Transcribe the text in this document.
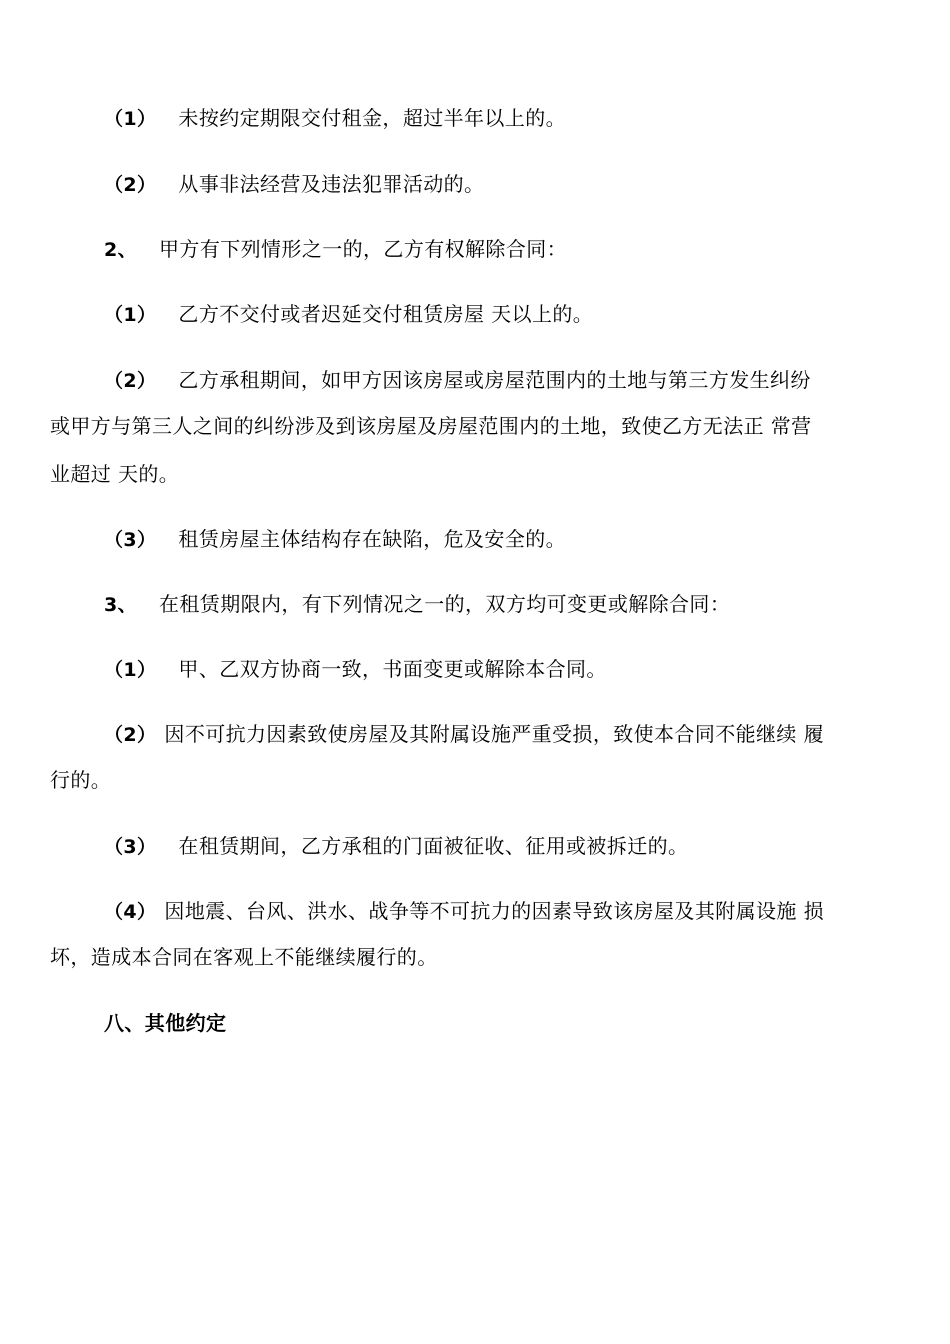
（1） 未按约定期限交付租金，超过半年以上的。
（2） 从事非法经营及违法犯罪活动的。
2、 甲方有下列情形之一的，乙方有权解除合同：
（1） 乙方不交付或者迟延交付租赁房屋 天以上的。
（2） 乙方承租期间，如甲方因该房屋或房屋范围内的土地与第三方发生纠纷
或甲方与第三人之间的纠纷涉及到该房屋及房屋范围内的土地，致使乙方无法正 常营
业超过 天的。
（3） 租赁房屋主体结构存在缺陷，危及安全的。
3、 在租赁期限内，有下列情况之一的，双方均可变更或解除合同：
（1） 甲、乙双方协商一致，书面变更或解除本合同。
（2） 因不可抗力因素致使房屋及其附属设施严重受损，致使本合同不能继续 履
行的。
（3） 在租赁期间，乙方承租的门面被征收、征用或被拆迁的。
（4） 因地震、台风、洪水、战争等不可抗力的因素导致该房屋及其附属设施 损
坏，造成本合同在客观上不能继续履行的。
八、其他约定
